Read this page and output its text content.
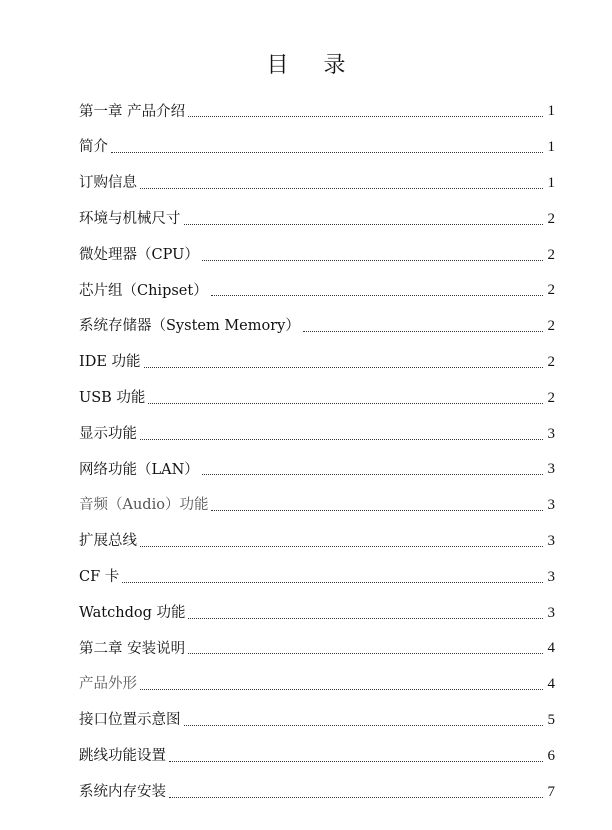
目 录
第一章 产品介绍	1
简介	1
订购信息	1
环境与机械尺寸	2
微处理器（CPU）	2
芯片组（Chipset）	2
系统存储器（System Memory）	2
IDE 功能	2
USB 功能	2
显示功能	3
网络功能（LAN）	3
音频（Audio）功能	3
扩展总线	3
CF 卡	3
Watchdog 功能	3
第二章 安装说明	4
产品外形	4
接口位置示意图	5
跳线功能设置	6
系统内存安装	7
